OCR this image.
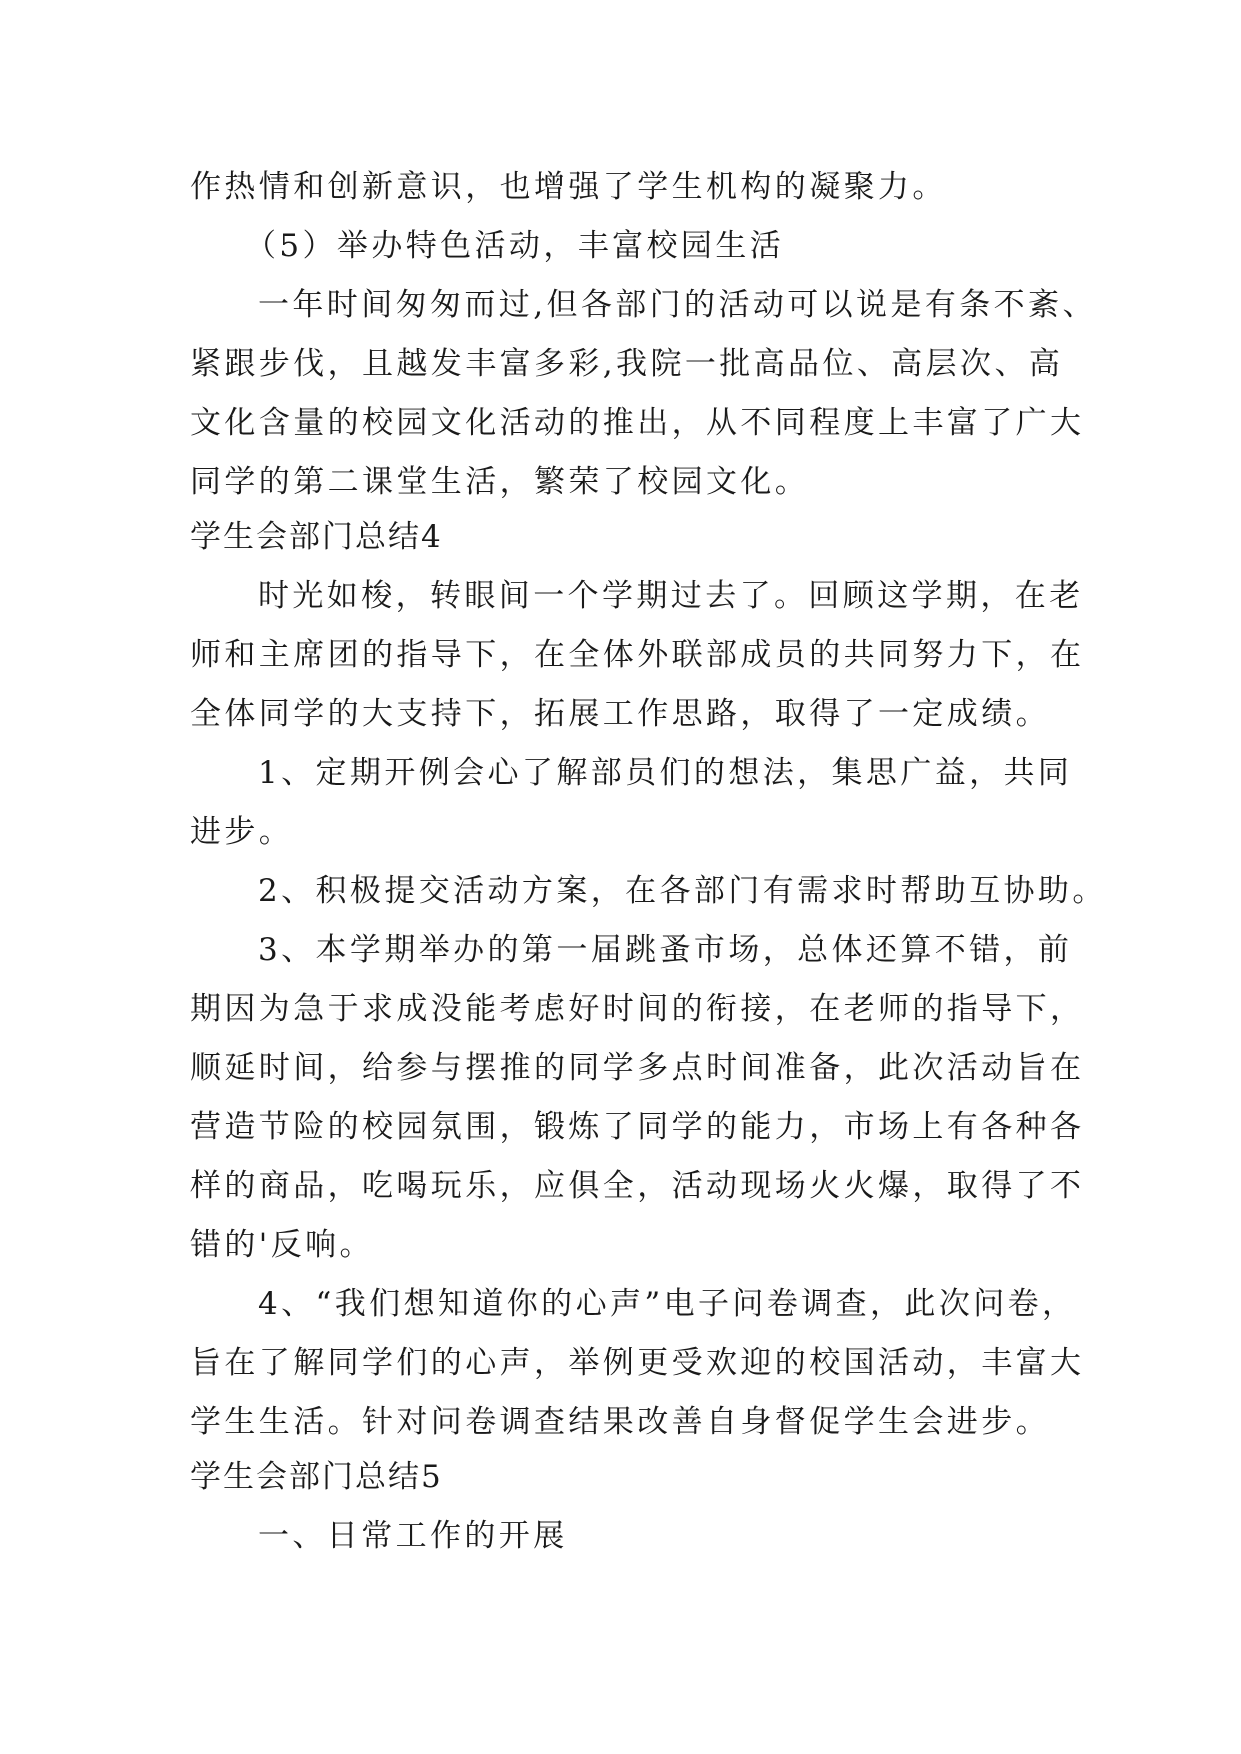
作热情和创新意识，也增强了学生机构的凝聚力。
（5）举办特色活动，丰富校园生活
一年时间匆匆而过,但各部门的活动可以说是有条不紊、
紧跟步伐，且越发丰富多彩,我院一批高品位、高层次、高
文化含量的校园文化活动的推出，从不同程度上丰富了广大
同学的第二课堂生活，繁荣了校园文化。
学生会部门总结4
时光如梭，转眼间一个学期过去了。回顾这学期，在老
师和主席团的指导下，在全体外联部成员的共同努力下，在
全体同学的大支持下，拓展工作思路，取得了一定成绩。
1、定期开例会心了解部员们的想法，集思广益，共同
进步。
2、积极提交活动方案，在各部门有需求时帮助互协助。
3、本学期举办的第一届跳蚤市场，总体还算不错，前
期因为急于求成没能考虑好时间的衔接，在老师的指导下，
顺延时间，给参与摆推的同学多点时间准备，此次活动旨在
营造节险的校园氛围，锻炼了同学的能力，市场上有各种各
样的商品，吃喝玩乐，应俱全，活动现场火火爆，取得了不
错的'反响。
4、“我们想知道你的心声”电子问卷调查，此次问卷，
旨在了解同学们的心声，举例更受欢迎的校国活动，丰富大
学生生活。针对问卷调查结果改善自身督促学生会进步。
学生会部门总结5
一、日常工作的开展
